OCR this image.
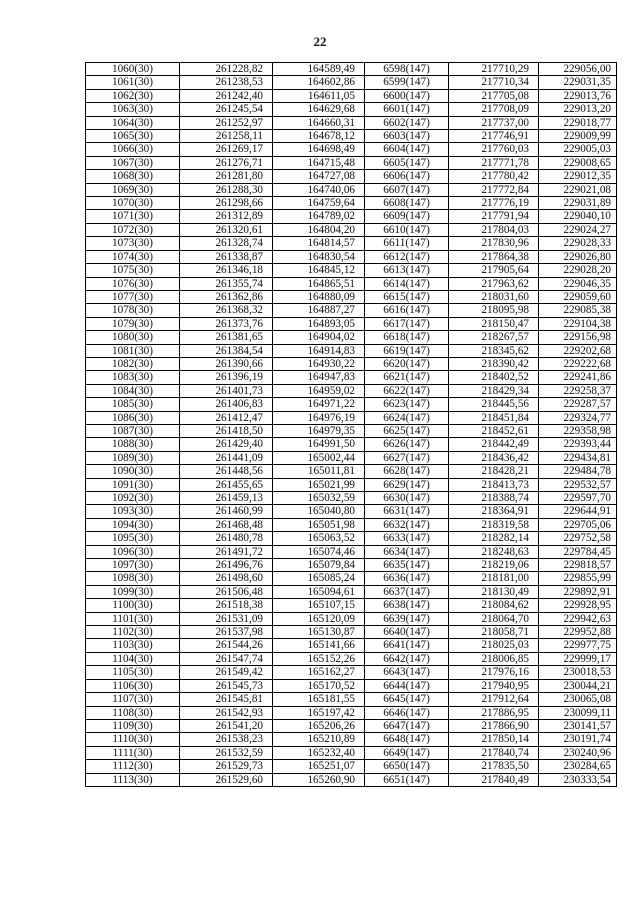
22
1060(30)	261228,82	164589,49	6598(147)	217710,29	229056,00
1061(30)	261238,53	164602,86	6599(147)	217710,34	229031,35
1062(30)	261242,40	164611,05	6600(147)	217705,08	229013,76
1063(30)	261245,54	164629,68	6601(147)	217708,09	229013,20
1064(30)	261252,97	164660,31	6602(147)	217737,00	229018,77
1065(30)	261258,11	164678,12	6603(147)	217746,91	229009,99
1066(30)	261269,17	164698,49	6604(147)	217760,03	229005,03
1067(30)	261276,71	164715,48	6605(147)	217771,78	229008,65
1068(30)	261281,80	164727,08	6606(147)	217780,42	229012,35
1069(30)	261288,30	164740,06	6607(147)	217772,84	229021,08
1070(30)	261298,66	164759,64	6608(147)	217776,19	229031,89
1071(30)	261312,89	164789,02	6609(147)	217791,94	229040,10
1072(30)	261320,61	164804,20	6610(147)	217804,03	229024,27
1073(30)	261328,74	164814,57	6611(147)	217830,96	229028,33
1074(30)	261338,87	164830,54	6612(147)	217864,38	229026,80
1075(30)	261346,18	164845,12	6613(147)	217905,64	229028,20
1076(30)	261355,74	164865,51	6614(147)	217963,62	229046,35
1077(30)	261362,86	164880,09	6615(147)	218031,60	229059,60
1078(30)	261368,32	164887,27	6616(147)	218095,98	229085,38
1079(30)	261373,76	164893,05	6617(147)	218150,47	229104,38
1080(30)	261381,65	164904,02	6618(147)	218267,57	229156,98
1081(30)	261384,54	164914,83	6619(147)	218345,62	229202,68
1082(30)	261390,66	164930,22	6620(147)	218390,42	229222,68
1083(30)	261396,19	164947,83	6621(147)	218402,52	229241,86
1084(30)	261401,73	164959,02	6622(147)	218429,34	229258,37
1085(30)	261406,83	164971,22	6623(147)	218445,56	229287,57
1086(30)	261412,47	164976,19	6624(147)	218451,84	229324,77
1087(30)	261418,50	164979,35	6625(147)	218452,61	229358,98
1088(30)	261429,40	164991,50	6626(147)	218442,49	229393,44
1089(30)	261441,09	165002,44	6627(147)	218436,42	229434,81
1090(30)	261448,56	165011,81	6628(147)	218428,21	229484,78
1091(30)	261455,65	165021,99	6629(147)	218413,73	229532,57
1092(30)	261459,13	165032,59	6630(147)	218388,74	229597,70
1093(30)	261460,99	165040,80	6631(147)	218364,91	229644,91
1094(30)	261468,48	165051,98	6632(147)	218319,58	229705,06
1095(30)	261480,78	165063,52	6633(147)	218282,14	229752,58
1096(30)	261491,72	165074,46	6634(147)	218248,63	229784,45
1097(30)	261496,76	165079,84	6635(147)	218219,06	229818,57
1098(30)	261498,60	165085,24	6636(147)	218181,00	229855,99
1099(30)	261506,48	165094,61	6637(147)	218130,49	229892,91
1100(30)	261518,38	165107,15	6638(147)	218084,62	229928,95
1101(30)	261531,09	165120,09	6639(147)	218064,70	229942,63
1102(30)	261537,98	165130,87	6640(147)	218058,71	229952,88
1103(30)	261544,26	165141,66	6641(147)	218025,03	229977,75
1104(30)	261547,74	165152,26	6642(147)	218006,85	229999,17
1105(30)	261549,42	165162,27	6643(147)	217976,16	230018,53
1106(30)	261545,73	165170,52	6644(147)	217940,95	230044,21
1107(30)	261545,81	165181,55	6645(147)	217912,64	230065,08
1108(30)	261542,93	165197,42	6646(147)	217886,95	230099,11
1109(30)	261541,20	165206,26	6647(147)	217866,90	230141,57
1110(30)	261538,23	165210,89	6648(147)	217850,14	230191,74
1111(30)	261532,59	165232,40	6649(147)	217840,74	230240,96
1112(30)	261529,73	165251,07	6650(147)	217835,50	230284,65
1113(30)	261529,60	165260,90	6651(147)	217840,49	230333,54
